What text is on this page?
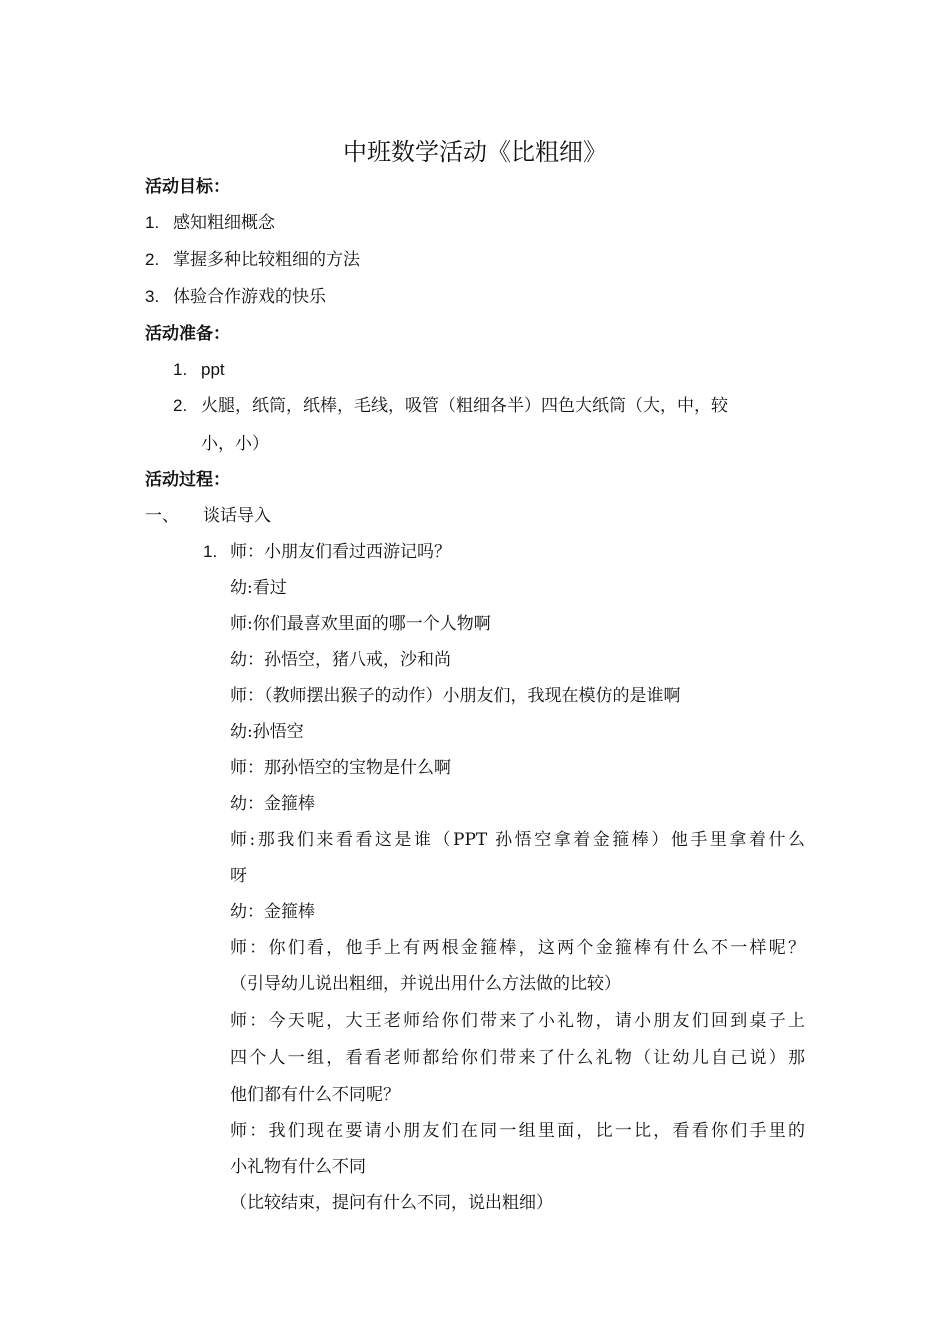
中班数学活动《比粗细》
活动目标：
1. 感知粗细概念
2. 掌握多种比较粗细的方法
3. 体验合作游戏的快乐
活动准备：
1. ppt
2. 火腿，纸筒，纸棒，毛线，吸管（粗细各半）四色大纸筒（大，中，较
小，小）
活动过程：
一、 谈话导入
1. 师：小朋友们看过西游记吗？
幼:看过
师:你们最喜欢里面的哪一个人物啊
幼：孙悟空，猪八戒，沙和尚
师：（教师摆出猴子的动作）小朋友们，我现在模仿的是谁啊
幼:孙悟空
师：那孙悟空的宝物是什么啊
幼：金箍棒
师:那我们来看看这是谁（PPT 孙悟空拿着金箍棒）他手里拿着什么
呀
幼：金箍棒
师：你们看，他手上有两根金箍棒，这两个金箍棒有什么不一样呢？
（引导幼儿说出粗细，并说出用什么方法做的比较）
师：今天呢，大王老师给你们带来了小礼物，请小朋友们回到桌子上
四个人一组，看看老师都给你们带来了什么礼物（让幼儿自己说）那
他们都有什么不同呢？
师：我们现在要请小朋友们在同一组里面，比一比，看看你们手里的
小礼物有什么不同
（比较结束，提问有什么不同，说出粗细）
